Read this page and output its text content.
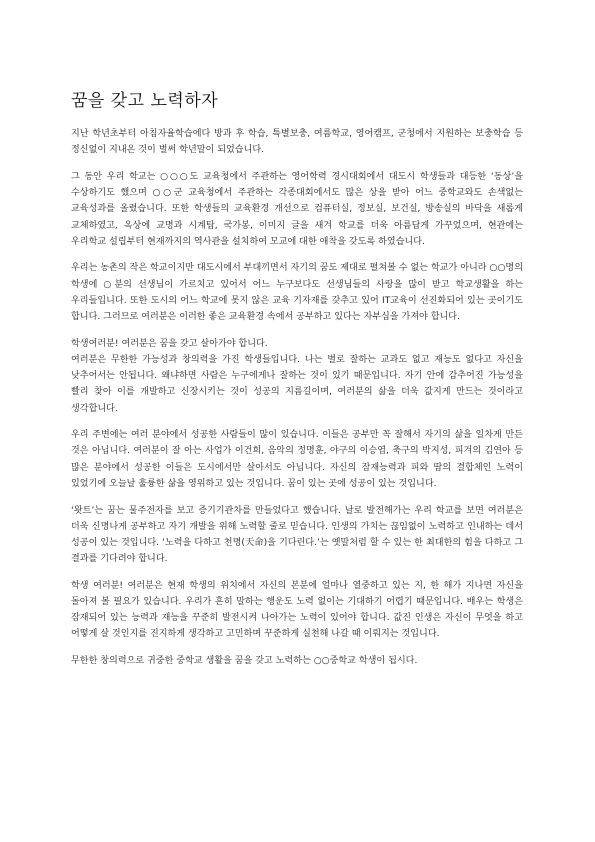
꿈을 갖고 노력하자

지난 학년초부터 아침자율학습에다 방과 후 학습, 특별보충, 여름학교, 영어캠프, 군청에서 지원하는 보충학습 등 정신없이 지내온 것이 벌써 학년말이 되었습니다.

그 동안 우리 학교는 ○○○도 교육청에서 주관하는 영어학력 경시대회에서 대도시 학생들과 대등한 ‘동상’을 수상하기도 했으며 ○○군 교육청에서 주관하는 각종대회에서도 많은 상을 받아 어느 중학교와도 손색없는 교육성과를 올렸습니다. 또한 학생들의 교육환경 개선으로 컴퓨터실, 정보실, 보건실, 방송실의 바닥을 새롭게 교체하였고, 옥상에 교명과 시계탑, 국가봉, 이미지 글을 새겨 학교를 더욱 아름답게 가꾸었으며, 현관에는 우리학교 설립부터 현재까지의 역사관을 설치하여 모교에 대한 애착을 갖도록 하였습니다.

우리는 농촌의 작은 학교이지만 대도시에서 부대끼면서 자기의 꿈도 제대로 펼쳐볼 수 없는 학교가 아니라 ○○명의 학생에 ○분의 선생님이 가르치고 있어서 어느 누구보다도 선생님들의 사랑을 많이 받고 학교생활을 하는 우리들입니다. 또한 도시의 어느 학교에 못지 않은 교육 기자재를 갖추고 있어 IT교육이 선진화되어 있는 곳이기도 합니다. 그러므로 여러분은 이러한 좋은 교육환경 속에서 공부하고 있다는 자부심을 가져야 합니다.

학생여러분! 여러분은 꿈을 갖고 살아가야 합니다.
여러분은 무한한 가능성과 창의력을 가진 학생들입니다. 나는 별로 잘하는 교과도 없고 재능도 없다고 자신을 낮추어서는 안됩니다. 왜냐하면 사람은 누구에게나 잘하는 것이 있기 때문입니다. 자기 안에 감추어진 가능성을 빨리 찾아 이를 개발하고 신장시키는 것이 성공의 지름길이며, 여러분의 삶을 더욱 값지게 만드는 것이라고 생각합니다.

우리 주변에는 여러 분야에서 성공한 사람들이 많이 있습니다. 이들은 공부만 꼭 잘해서 자기의 삶을 일차게 만든 것은 아닙니다. 여러분이 잘 아는 사업가 이건희, 음악의 정명훈, 야구의 이승엽, 축구의 박지성, 피겨의 김연아 등 많은 분야에서 성공한 이들은 도시에서만 살아서도 아닙니다. 자신의 잠재능력과 피와 땀의 결합체인 노력이 있었기에 오늘날 훌륭한 삶을 영위하고 있는 것입니다. 꿈이 있는 곳에 성공이 있는 것입니다.

‘왓트’는 꿈는 물주전자를 보고 증기기관차를 만들었다고 했습니다. 날로 발전해가는 우리 학교를 보면 여러분은 더욱 신명나게 공부하고 자기 개발을 위해 노력할 줄로 믿습니다. 인생의 가치는 끊임없이 노력하고 인내하는 데서 성공이 있는 것입니다. ‘노력을 다하고 천명(天命)을 기다린다.’는 옛말처럼 할 수 있는 한 최대한의 힘을 다하고 그 결과를 기다려야 합니다.

학생 여러분! 여러분은 현재 학생의 위치에서 자신의 본분에 얼마나 열중하고 있는 지, 한 해가 지나면 자신을 돌아져 볼 필요가 있습니다. 우리가 흔히 말하는 행운도 노력 없이는 기대하기 어렵기 때문입니다. 배우는 학생은 잠재되어 있는 능력과 재능을 꾸준히 발전시켜 나아가는 노력이 있어야 합니다. 값진 인생은 자신이 무엇을 하고 어떻게 살 것인지를 진지하게 생각하고 고민하며 꾸준하게 실천해 나갈 때 이뤄지는 것입니다.

무한한 창의력으로 귀중한 중학교 생활을 꿈을 갖고 노력하는 ○○중학교 학생이 됩시다.
